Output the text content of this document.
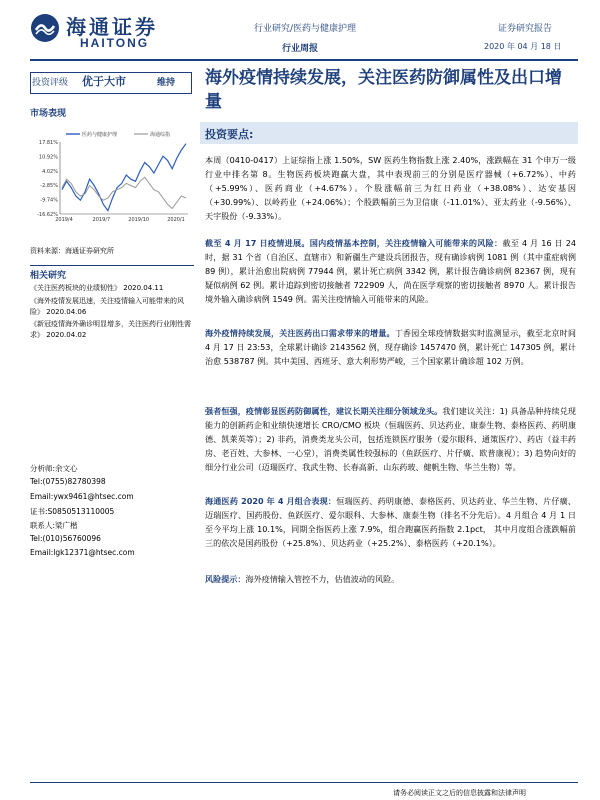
海通证券
HAITONG
行业研究/医药与健康护理
行业周报
证券研究报告
2020 年 04 月 18 日
投资评级 优于大市	维持
市场表现
17.81%
10.92%
4.02%
-2.85%
-9.74%
-16.62%
2019/4	2019/7	2019/10	2020/1
医药与健康护理	海通综指
资料来源：海通证券研究所
相关研究
《关注医药板块的业绩韧性》 2020.04.11
《海外疫情发展迅速，关注疫情输入可能带来的风险》 2020.04.06
《新冠疫情海外确诊明显增多，关注医药行业刚性需求》 2020.04.02
分析师:余文心
Tel:(0755)82780398
Email:ywx9461@htsec.com
证书:S0850513110005
联系人:梁广楷
Tel:(010)56760096
Email:lgk12371@htsec.com
海外疫情持续发展，关注医药防御属性及出口增量
投资要点:
本周（0410-0417）上证综指上涨 1.50%，SW 医药生物指数上涨 2.40%，涨跌幅在 31 个申万一级行业中排名第 8。生物医药板块跑赢大盘，其中表现前三的分别是医疗器械（+6.72%）、中药（+5.99%）、医药商业（+4.67%）。个股涨幅前三为红日药业（+38.08%）、达安基因（+30.99%）、以岭药业（+24.06%）；个股跌幅前三为卫信康（-11.01%）、亚太药业（-9.56%）、天宇股份（-9.33%）。
截至 4 月 17 日疫情进展。国内疫情基本控制，关注疫情输入可能带来的风险：截至 4 月 16 日 24 时，据 31 个省（自治区、直辖市）和新疆生产建设兵团报告，现有确诊病例 1081 例（其中重症病例 89 例），累计治愈出院病例 77944 例，累计死亡病例 3342 例，累计报告确诊病例 82367 例，现有疑似病例 62 例。累计追踪到密切接触者 722909 人，尚在医学观察的密切接触者 8970 人。累计报告境外输入确诊病例 1549 例。需关注疫情输入可能带来的风险。
海外疫情持续发展，关注医药出口需求带来的增量。丁香园全球疫情数据实时监测显示，截至北京时间 4 月 17 日 23:53，全球累计确诊 2143562 例，现存确诊 1457470 例，累计死亡 147305 例，累计治愈 538787 例。其中美国、西班牙、意大利形势严峻，三个国家累计确诊超 102 万例。
强者恒强，疫情彰显医药防御属性，建议长期关注细分领域龙头。我们建议关注：1) 具备品种持续兑现能力的创新药企和业绩快速增长 CRO/CMO 板块（恒瑞医药、贝达药业、康泰生物、泰格医药、药明康德、凯莱英等）；2) 非药，消费类龙头公司，包括连锁医疗服务（爱尔眼科、通策医疗）、药店（益丰药房、老百姓、大参林、一心堂），消费类属性较强标的（鱼跃医疗、片仔癀、欧普康视）；3) 趋势向好的细分行业公司（迈瑞医疗、我武生物、长春高新、山东药玻、健帆生物、华兰生物）等。
海通医药 2020 年 4 月组合表现：恒瑞医药、药明康德、泰格医药、贝达药业、华兰生物、片仔癀、迈瑞医疗、国药股份、鱼跃医疗、爱尔眼科、大参林、康泰生物（排名不分先后）。4 月组合 4 月 1 日至今平均上涨 10.1%，同期全指医药上涨 7.9%，组合跑赢医药指数 2.1pct， 其中月度组合涨跌幅前三的依次是国药股份（+25.8%）、贝达药业（+25.2%）、泰格医药（+20.1%）。
风险提示：海外疫情输入管控不力，估值波动的风险。
请务必阅读正文之后的信息披露和法律声明
